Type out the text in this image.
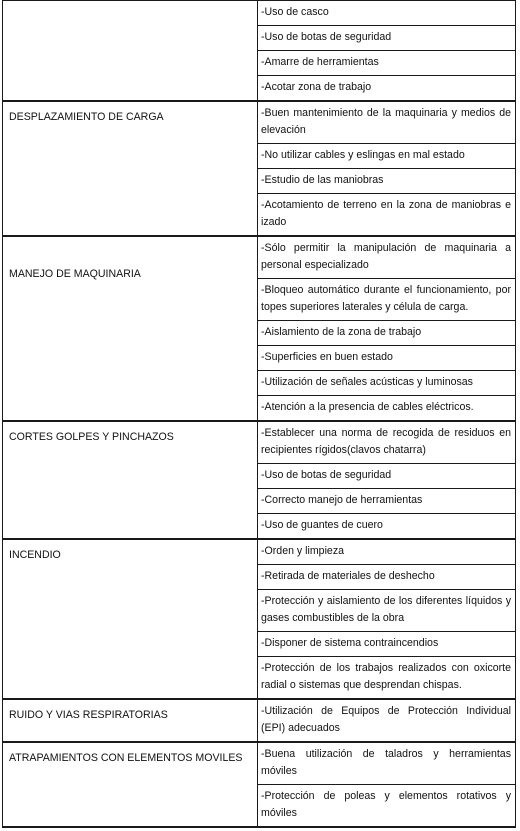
	-Uso de casco

	-Uso de botas de seguridad

	-Amarre de herramientas

	-Acotar zona de trabajo

DESPLAZAMIENTO DE CARGA	-Buen mantenimiento de la maquinaria y medios de elevación

	-No utilizar cables y eslingas en mal estado

	-Estudio de las maniobras

	-Acotamiento de terreno en la zona de maniobras e izado

MANEJO DE MAQUINARIA	-Sólo permitir la manipulación de maquinaria a personal especializado

	-Bloqueo automático durante el funcionamiento, por topes superiores laterales y célula de carga.

	-Aislamiento de la zona de trabajo

	-Superficies en buen estado

	-Utilización de señales acústicas y luminosas

	-Atención a la presencia de cables eléctricos.

CORTES GOLPES Y PINCHAZOS	-Establecer una norma de recogida de residuos en recipientes rígidos(clavos chatarra)

	-Uso de botas de seguridad

	-Correcto manejo de herramientas

	-Uso de guantes de cuero

INCENDIO	-Orden y limpieza

	-Retirada de materiales de deshecho

	-Protección y aislamiento de los diferentes líquidos y gases combustibles de la obra

	-Disponer de sistema contraincendios

	-Protección de los trabajos realizados con oxicorte radial o sistemas que desprendan chispas.

RUIDO Y VIAS RESPIRATORIAS	-Utilización de Equipos de Protección Individual (EPI) adecuados

ATRAPAMIENTOS CON ELEMENTOS MOVILES	-Buena utilización de taladros y herramientas móviles

	-Protección de poleas y elementos rotativos y móviles
